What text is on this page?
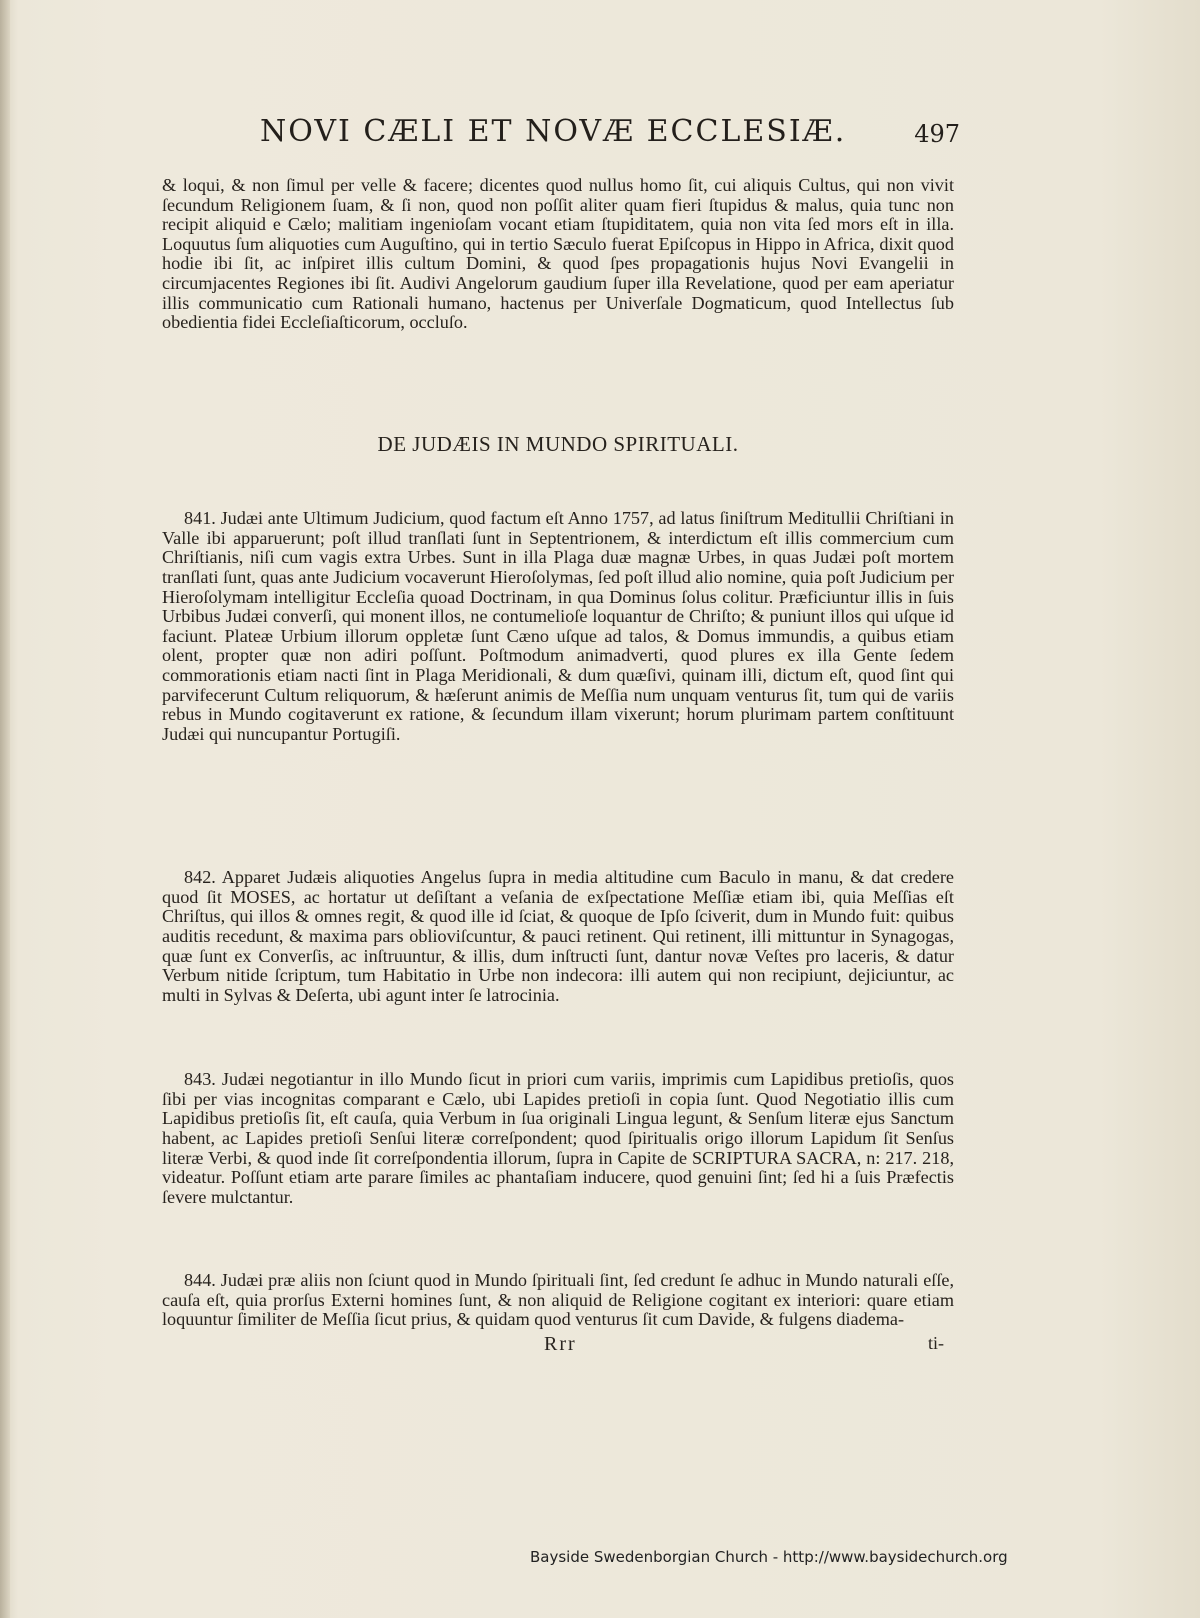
NOVI CÆLI ET NOVÆ ECCLESIÆ.	497

& loqui, & non ſimul per velle & facere; dicentes quod nullus homo ſit, cui aliquis Cultus, qui non vivit ſecundum Religionem ſuam, & ſi non, quod non poſſit aliter quam fieri ſtupidus & malus, quia tunc non recipit aliquid e Cælo; malitiam ingenioſam vocant etiam ſtupiditatem, quia non vita ſed mors eſt in illa. Loquutus ſum aliquoties cum Auguſtino, qui in tertio Sæculo fuerat Epiſcopus in Hippo in Africa, dixit quod hodie ibi ſit, ac inſpiret illis cultum Domini, & quod ſpes propagationis hujus Novi Evangelii in circumjacentes Regiones ibi ſit. Audivi Angelorum gaudium ſuper illa Revelatione, quod per eam aperiatur illis communicatio cum Rationali humano, hactenus per Univerſale Dogmaticum, quod Intellectus ſub obedientia fidei Eccleſiaſticorum, occluſo.

DE JUDÆIS IN MUNDO SPIRITUALI.

841. Judæi ante Ultimum Judicium, quod factum eſt Anno 1757, ad latus ſiniſtrum Meditullii Chriſtiani in Valle ibi apparuerunt; poſt illud tranſlati ſunt in Septentrionem, & interdictum eſt illis commercium cum Chriſtianis, niſi cum vagis extra Urbes. Sunt in illa Plaga duæ magnæ Urbes, in quas Judæi poſt mortem tranſlati ſunt, quas ante Judicium vocaverunt Hieroſolymas, ſed poſt illud alio nomine, quia poſt Judicium per Hieroſolymam intelligitur Eccleſia quoad Doctrinam, in qua Dominus ſolus colitur. Præficiuntur illis in ſuis Urbibus Judæi converſi, qui monent illos, ne contumelioſe loquantur de Chriſto; & puniunt illos qui uſque id faciunt. Plateæ Urbium illorum oppletæ ſunt Cæno uſque ad talos, & Domus immundis, a quibus etiam olent, propter quæ non adiri poſſunt. Poſtmodum animadverti, quod plures ex illa Gente ſedem commorationis etiam nacti ſint in Plaga Meridionali, & dum quæſivi, quinam illi, dictum eſt, quod ſint qui parvifecerunt Cultum reliquorum, & hæſerunt animis de Meſſia num unquam venturus ſit, tum qui de variis rebus in Mundo cogitaverunt ex ratione, & ſecundum illam vixerunt; horum plurimam partem conſtituunt Judæi qui nuncupantur Portugiſi.

842. Apparet Judæis aliquoties Angelus ſupra in media altitudine cum Baculo in manu, & dat credere quod ſit MOSES, ac hortatur ut deſiſtant a veſania de exſpectatione Meſſiæ etiam ibi, quia Meſſias eſt Chriſtus, qui illos & omnes regit, & quod ille id ſciat, & quoque de Ipſo ſciverit, dum in Mundo fuit: quibus auditis recedunt, & maxima pars oblioviſcuntur, & pauci retinent. Qui retinent, illi mittuntur in Synagogas, quæ ſunt ex Converſis, ac inſtruuntur, & illis, dum inſtructi ſunt, dantur novæ Veſtes pro laceris, & datur Verbum nitide ſcriptum, tum Habitatio in Urbe non indecora: illi autem qui non recipiunt, dejiciuntur, ac multi in Sylvas & Deſerta, ubi agunt inter ſe latrocinia.

843. Judæi negotiantur in illo Mundo ſicut in priori cum variis, imprimis cum Lapidibus pretioſis, quos ſibi per vias incognitas comparant e Cælo, ubi Lapides pretioſi in copia ſunt. Quod Negotiatio illis cum Lapidibus pretioſis ſit, eſt cauſa, quia Verbum in ſua originali Lingua legunt, & Senſum literæ ejus Sanctum habent, ac Lapides pretioſi Senſui literæ correſpondent; quod ſpiritualis origo illorum Lapidum ſit Senſus literæ Verbi, & quod inde ſit correſpondentia illorum, ſupra in Capite de SCRIPTURA SACRA, n: 217. 218, videatur. Poſſunt etiam arte parare ſimiles ac phantaſiam inducere, quod genuini ſint; ſed hi a ſuis Præfectis ſevere mulctantur.

844. Judæi præ aliis non ſciunt quod in Mundo ſpirituali ſint, ſed credunt ſe adhuc in Mundo naturali eſſe, cauſa eſt, quia prorſus Externi homines ſunt, & non aliquid de Religione cogitant ex interiori: quare etiam loquuntur ſimiliter de Meſſia ſicut prius, & quidam quod venturus ſit cum Davide, & fulgens diadema-

Rrr	ti-
Bayside Swedenborgian Church - http://www.baysidechurch.org
